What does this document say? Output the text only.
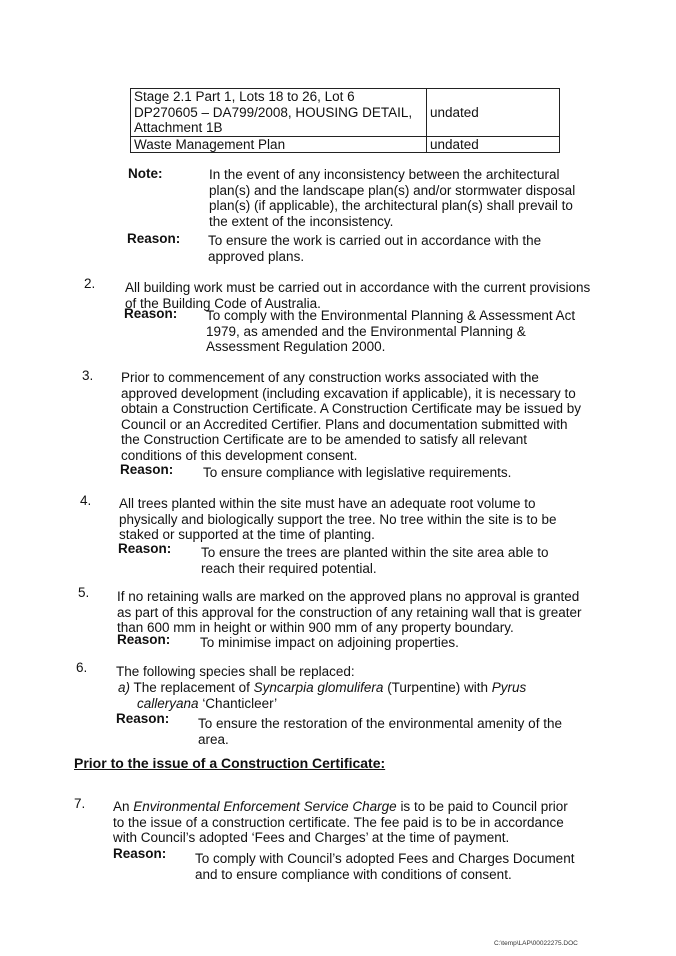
Stage 2.1 Part 1, Lots 18 to 26, Lot 6
DP270605 – DA799/2008, HOUSING DETAIL,
Attachment 1B	undated
Waste Management Plan	undated
Note:	In the event of any inconsistency between the architectural

plan(s) and the landscape plan(s) and/or stormwater disposal

plan(s) (if applicable), the architectural plan(s) shall prevail to

the extent of the inconsistency.

Reason: To ensure the work is carried out in accordance with the

approved plans.

2. All building work must be carried out in accordance with the current provisions

of the Building Code of Australia.

Reason: To comply with the Environmental Planning & Assessment Act

1979, as amended and the Environmental Planning &

Assessment Regulation 2000.

3. Prior to commencement of any construction works associated with the

approved development (including excavation if applicable), it is necessary to

obtain a Construction Certificate. A Construction Certificate may be issued by

Council or an Accredited Certifier. Plans and documentation submitted with

the Construction Certificate are to be amended to satisfy all relevant

conditions of this development consent.

Reason: To ensure compliance with legislative requirements.
4. All trees planted within the site must have an adequate root volume to

physically and biologically support the tree. No tree within the site is to be

staked or supported at the time of planting.

Reason: To ensure the trees are planted within the site area able to

reach their required potential.

5. If no retaining walls are marked on the approved plans no approval is granted

as part of this approval for the construction of any retaining wall that is greater

than 600 mm in height or within 900 mm of any property boundary.

Reason: To minimise impact on adjoining properties.
6. The following species shall be replaced:

a) The replacement of Syncarpia glomulifera (Turpentine) with Pyrus

calleryana ‘Chanticleer’

Reason: To ensure the restoration of the environmental amenity of the

area.

Prior to the issue of a Construction Certificate:
7. An Environmental Enforcement Service Charge is to be paid to Council prior

to the issue of a construction certificate. The fee paid is to be in accordance

with Council’s adopted ‘Fees and Charges’ at the time of payment.

Reason: To comply with Council’s adopted Fees and Charges Document

and to ensure compliance with conditions of consent.

C:\temp\LAP\00022275.DOC
